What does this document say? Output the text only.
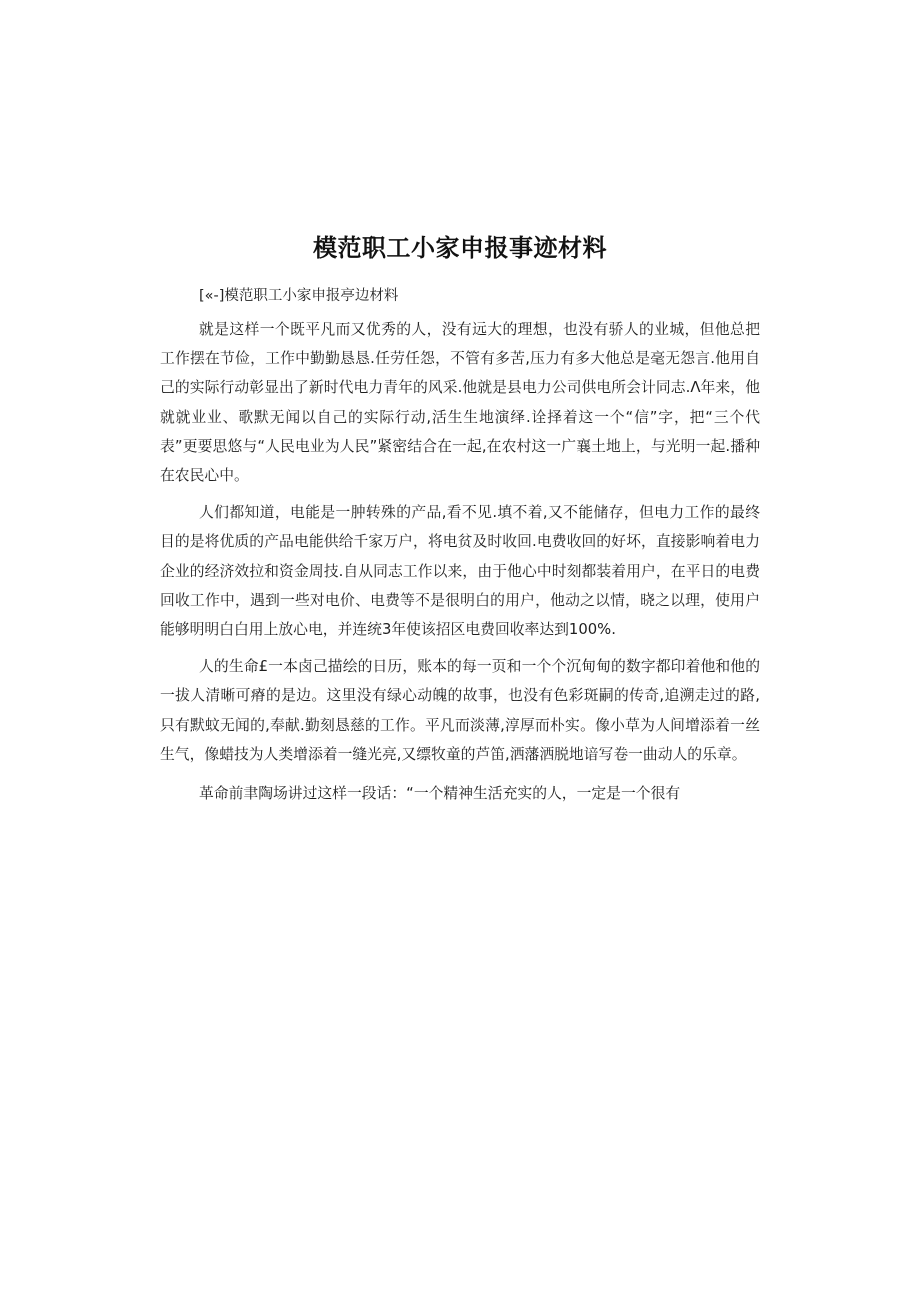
模范职工小家申报事迹材料
[«-]模范职工小家申报亭边材料

就是这样一个既平凡而又优秀的人，没有远大的理想，也没有骄人的业城，但他总把工作摆在节俭，工作中勤勤恳恳.任劳任怨，不管有多苦,压力有多大他总是毫无怨言.他用自己的实际行动彰显出了新时代电力青年的风采.他就是县电力公司供电所会计同志.Λ年来，他就就业业、歌默无闻以自己的实际行动,活生生地演绎.诠择着这一个“信”字，把“三个代表”更要思悠与“人民电业为人民”紧密结合在一起,在农村这一广襄土地上，与光明一起.播种在农民心中。

人们都知道，电能是一肿转殊的产品,看不见.填不着,又不能储存，但电力工作的最终目的是将优质的产品电能供给千家万户，将电贫及时收回.电费收回的好坏，直接影响着电力企业的经济效拉和资金周技.自从同志工作以来，由于他心中时刻都装着用户，在平日的电费回收工作中，遇到一些对电价、电费等不是很明白的用户，他动之以情，晓之以理，使用户能够明明白白用上放心电，并连统3年使该招区电费回收率达到100%.

人的生命£一本卤己描绘的日历，账本的每一页和一个个沉甸甸的数字都印着他和他的一拔人清晰可瘠的是边。这里没有绿心动魄的故事，也没有色彩斑嗣的传奇,追溯走过的路,只有默蚊无闻的,奉献.勤刻恳慈的工作。平凡而淡薄,淳厚而朴实。像小草为人间增添着一丝生气，像蜡技为人类增添着一缝光亮,又缥牧童的芦笛,洒藩洒脱地谙写卷一曲动人的乐章。

革命前聿陶场讲过这样一段话：“一个精神生活充实的人，一定是一个很有
